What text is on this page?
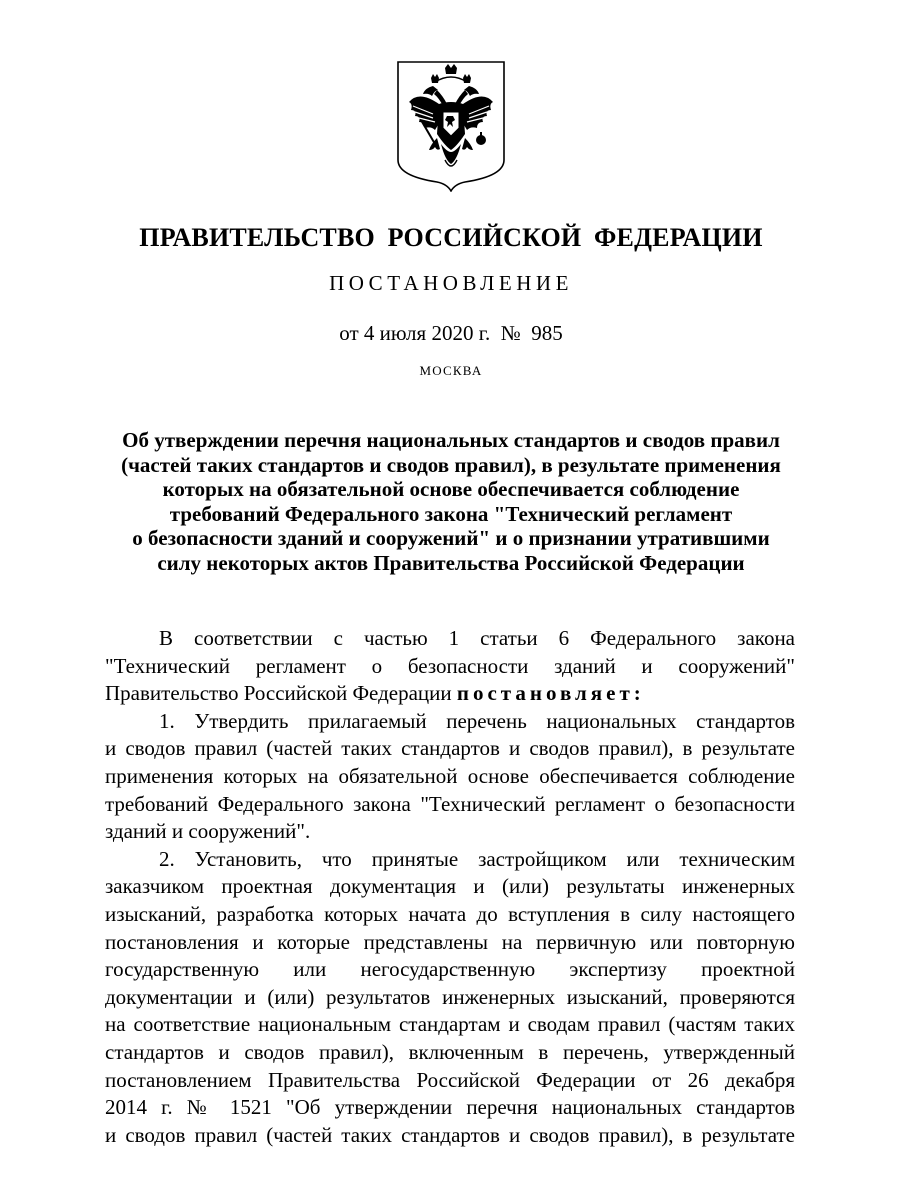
ПРАВИТЕЛЬСТВО РОССИЙСКОЙ ФЕДЕРАЦИИ
ПОСТАНОВЛЕНИЕ
от 4 июля 2020 г. № 985
МОСКВА
Об утверждении перечня национальных стандартов и сводов правил
(частей таких стандартов и сводов правил), в результате применения
которых на обязательной основе обеспечивается соблюдение
требований Федерального закона "Технический регламент
о безопасности зданий и сооружений" и о признании утратившими
силу некоторых актов Правительства Российской Федерации
В соответствии с частью 1 статьи 6 Федерального закона
"Технический регламент о безопасности зданий и сооружений"
Правительство Российской Федерации постановляет:
1. Утвердить прилагаемый перечень национальных стандартов
и сводов правил (частей таких стандартов и сводов правил), в результате
применения которых на обязательной основе обеспечивается соблюдение
требований Федерального закона "Технический регламент о безопасности
зданий и сооружений".
2. Установить, что принятые застройщиком или техническим
заказчиком проектная документация и (или) результаты инженерных
изысканий, разработка которых начата до вступления в силу настоящего
постановления и которые представлены на первичную или повторную
государственную или негосударственную экспертизу проектной
документации и (или) результатов инженерных изысканий, проверяются
на соответствие национальным стандартам и сводам правил (частям таких
стандартов и сводов правил), включенным в перечень, утвержденный
постановлением Правительства Российской Федерации от 26 декабря
2014 г. № 1521 "Об утверждении перечня национальных стандартов
и сводов правил (частей таких стандартов и сводов правил), в результате
